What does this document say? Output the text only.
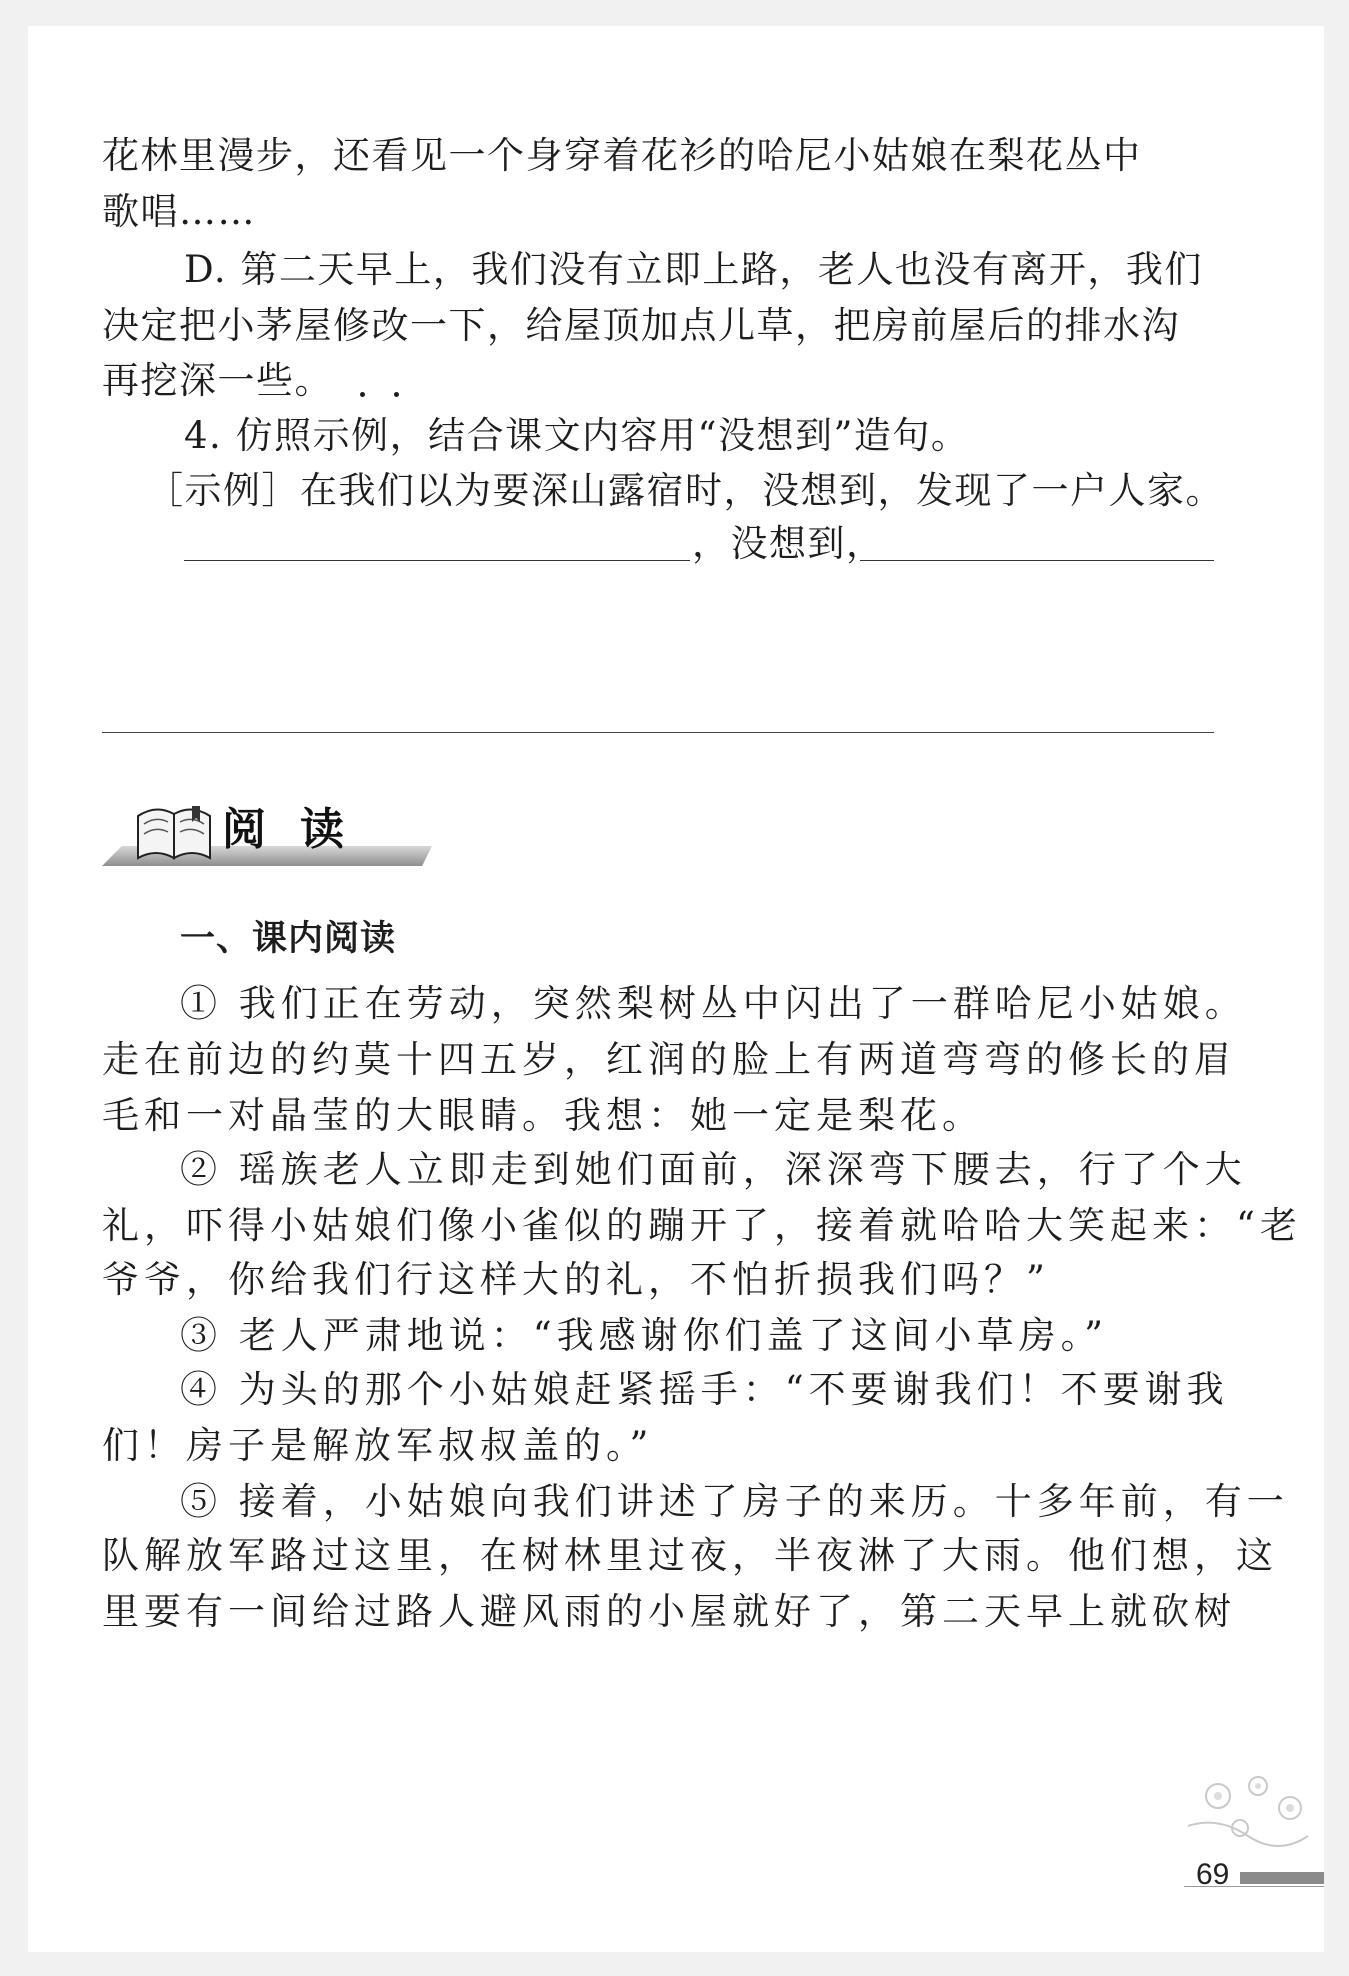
花林里漫步，还看见一个身穿着花衫的哈尼小姑娘在梨花丛中
歌唱……
D. 第二天早上，我们没有立即上路，老人也没有离开，我们
决定把小茅屋修改一下，给屋顶加点儿草，把房前屋后的排水沟
再挖深一些。
4. 仿照示例，结合课文内容用“没想到”造句。
［示例］在我们以为要深山露宿时，没想到，发现了一户人家。
，没想到，
阅读
一、课内阅读
① 我们正在劳动，突然梨树丛中闪出了一群哈尼小姑娘。
走在前边的约莫十四五岁，红润的脸上有两道弯弯的修长的眉
毛和一对晶莹的大眼睛。我想：她一定是梨花。
② 瑶族老人立即走到她们面前，深深弯下腰去，行了个大
礼，吓得小姑娘们像小雀似的蹦开了，接着就哈哈大笑起来：“老
爷爷，你给我们行这样大的礼，不怕折损我们吗？”
③ 老人严肃地说：“我感谢你们盖了这间小草房。”
④ 为头的那个小姑娘赶紧摇手：“不要谢我们！不要谢我
们！房子是解放军叔叔盖的。”
⑤ 接着，小姑娘向我们讲述了房子的来历。十多年前，有一
队解放军路过这里，在树林里过夜，半夜淋了大雨。他们想，这
里要有一间给过路人避风雨的小屋就好了，第二天早上就砍树
69
